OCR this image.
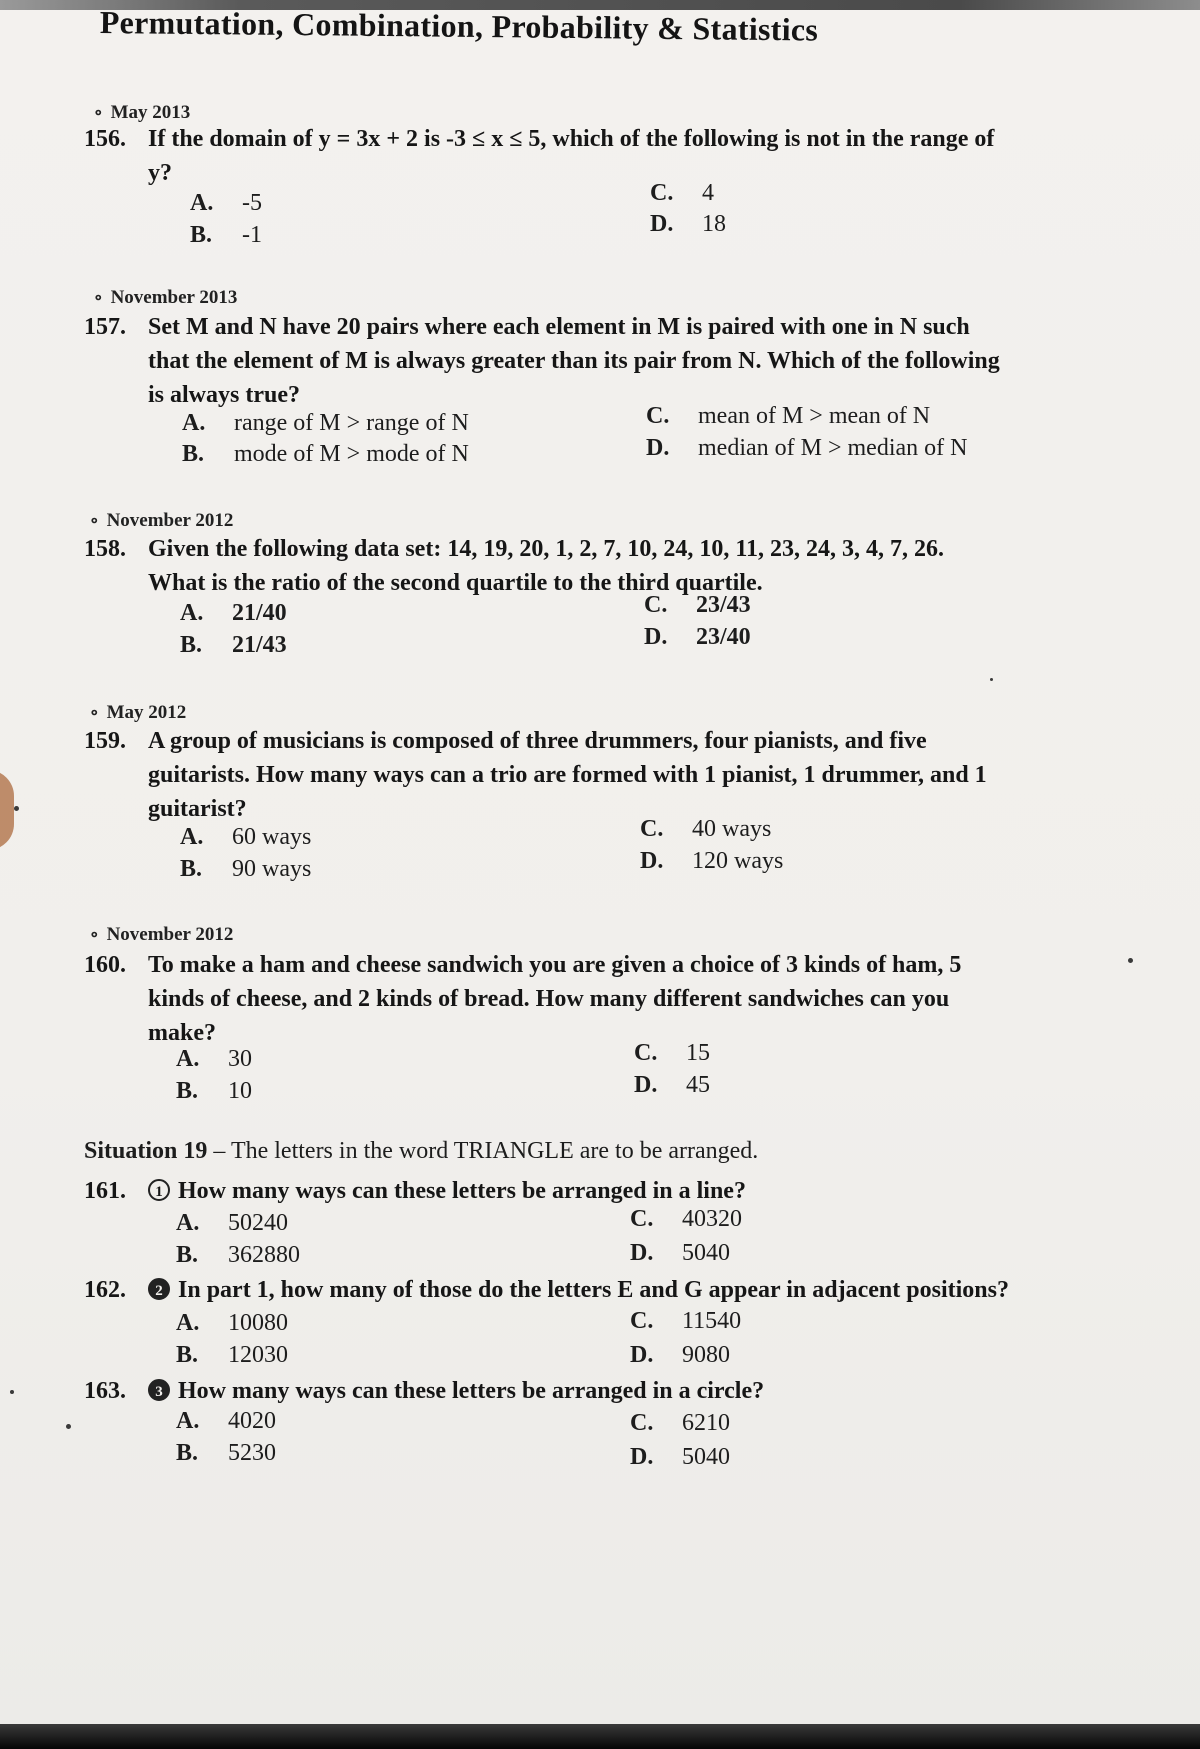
Permutation, Combination, Probability & Statistics
⚬ May 2013
156. If the domain of y = 3x + 2 is -3 ≤ x ≤ 5, which of the following is not in the range of
y?
A. -5
B. -1
C. 4
D. 18
⚬ November 2013
157. Set M and N have 20 pairs where each element in M is paired with one in N such
that the element of M is always greater than its pair from N. Which of the following
is always true?
A. range of M > range of N
B. mode of M > mode of N
C. mean of M > mean of N
D. median of M > median of N
⚬ November 2012
158. Given the following data set: 14, 19, 20, 1, 2, 7, 10, 24, 10, 11, 23, 24, 3, 4, 7, 26.
What is the ratio of the second quartile to the third quartile.
A. 21/40
B. 21/43
C. 23/43
D. 23/40
⚬ May 2012
159. A group of musicians is composed of three drummers, four pianists, and five
guitarists. How many ways can a trio are formed with 1 pianist, 1 drummer, and 1
guitarist?
A. 60 ways
B. 90 ways
C. 40 ways
D. 120 ways
⚬ November 2012
160. To make a ham and cheese sandwich you are given a choice of 3 kinds of ham, 5
kinds of cheese, and 2 kinds of bread. How many different sandwiches can you
make?
A. 30
B. 10
C. 15
D. 45
Situation 19 – The letters in the word TRIANGLE are to be arranged.
161. 1 How many ways can these letters be arranged in a line?
A. 50240
B. 362880
C. 40320
D. 5040
162. 2 In part 1, how many of those do the letters E and G appear in adjacent positions?
A. 10080
B. 12030
C. 11540
D. 9080
163. 3 How many ways can these letters be arranged in a circle?
A. 4020
B. 5230
C. 6210
D. 5040
